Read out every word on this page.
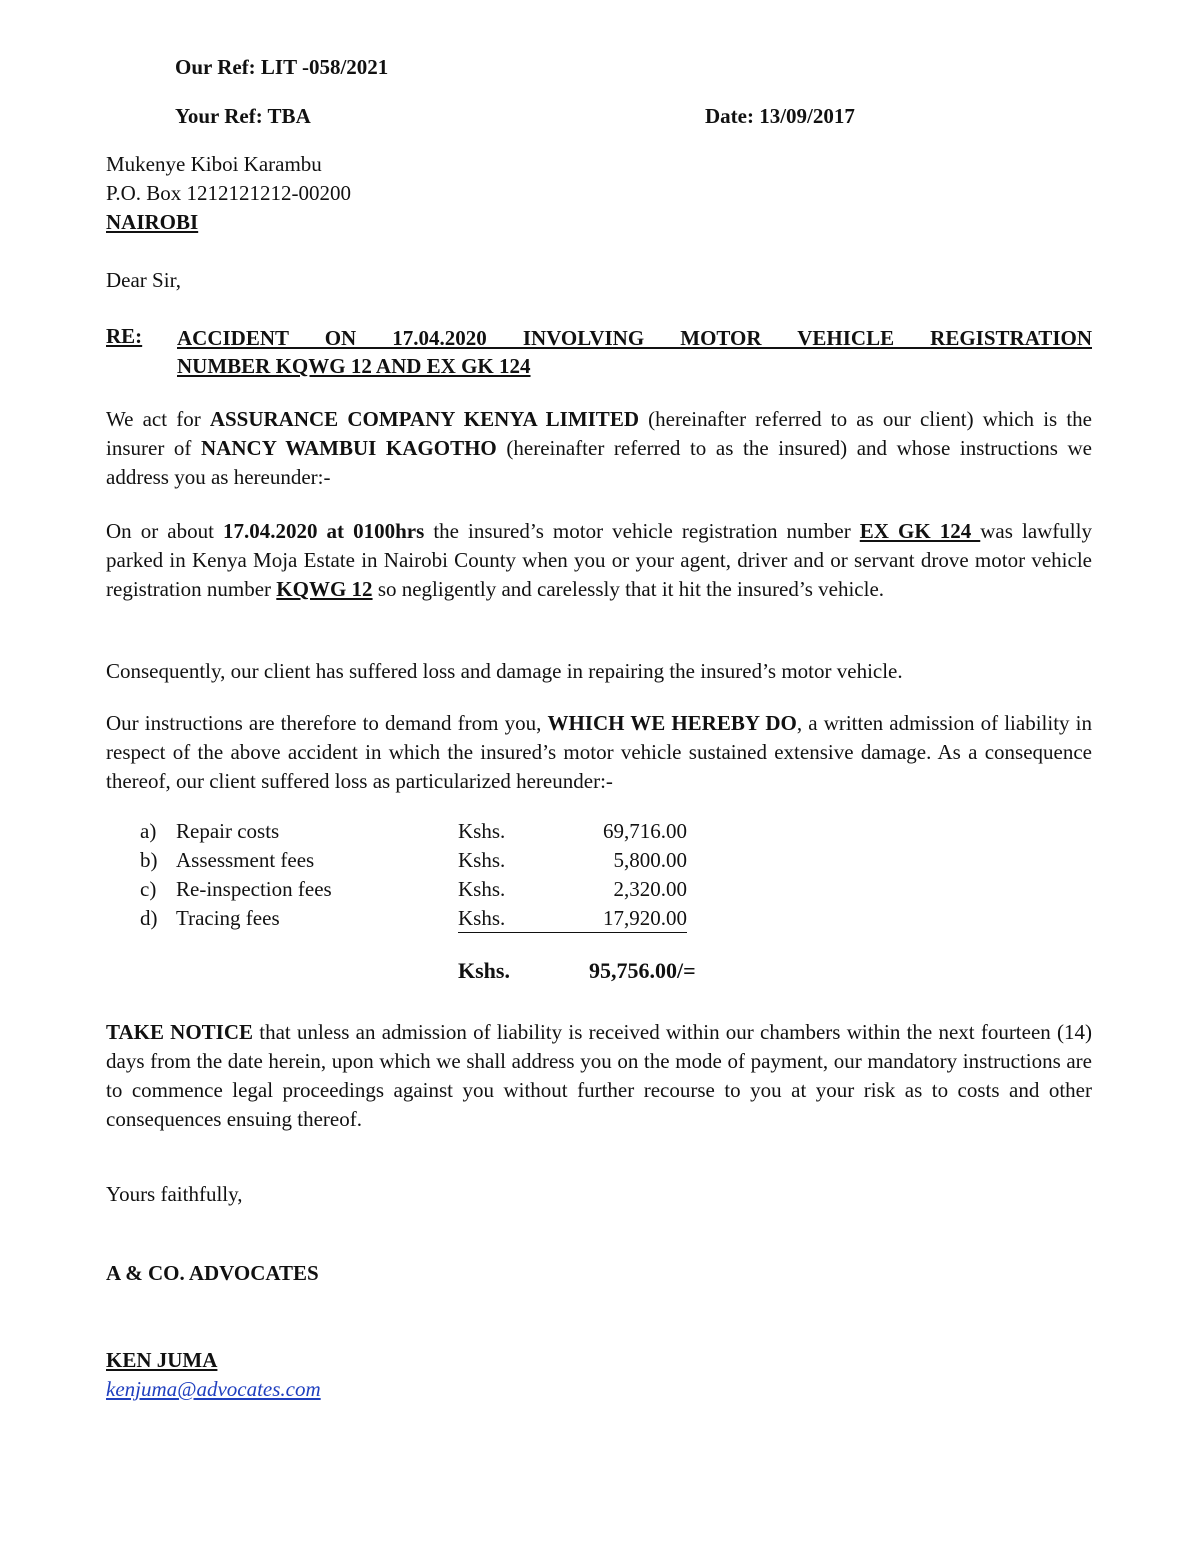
Our Ref: LIT -058/2021
Your Ref: TBA	Date: 13/09/2017
Mukenye Kiboi Karambu
P.O. Box 1212121212-00200
NAIROBI
Dear Sir,
RE: ACCIDENT ON 17.04.2020 INVOLVING MOTOR VEHICLE REGISTRATION
NUMBER KQWG 12 AND EX GK 124
We act for ASSURANCE COMPANY KENYA LIMITED (hereinafter referred to as our client) which is the insurer of NANCY WAMBUI KAGOTHO (hereinafter referred to as the insured) and whose instructions we address you as hereunder:-
On or about 17.04.2020 at 0100hrs the insured’s motor vehicle registration number EX GK 124 was lawfully parked in Kenya Moja Estate in Nairobi County when you or your agent, driver and or servant drove motor vehicle registration number KQWG 12 so negligently and carelessly that it hit the insured’s vehicle.
Consequently, our client has suffered loss and damage in repairing the insured’s motor vehicle.
Our instructions are therefore to demand from you, WHICH WE HEREBY DO, a written admission of liability in respect of the above accident in which the insured’s motor vehicle sustained extensive damage. As a consequence thereof, our client suffered loss as particularized hereunder:-
a) Repair costs	Kshs.	69,716.00
b) Assessment fees	Kshs.	5,800.00
c) Re-inspection fees	Kshs.	2,320.00
d) Tracing fees	Kshs.	17,920.00
Kshs.	95,756.00/=
TAKE NOTICE that unless an admission of liability is received within our chambers within the next fourteen (14) days from the date herein, upon which we shall address you on the mode of payment, our mandatory instructions are to commence legal proceedings against you without further recourse to you at your risk as to costs and other consequences ensuing thereof.
Yours faithfully,
A & CO. ADVOCATES
KEN JUMA
kenjuma@advocates.com
